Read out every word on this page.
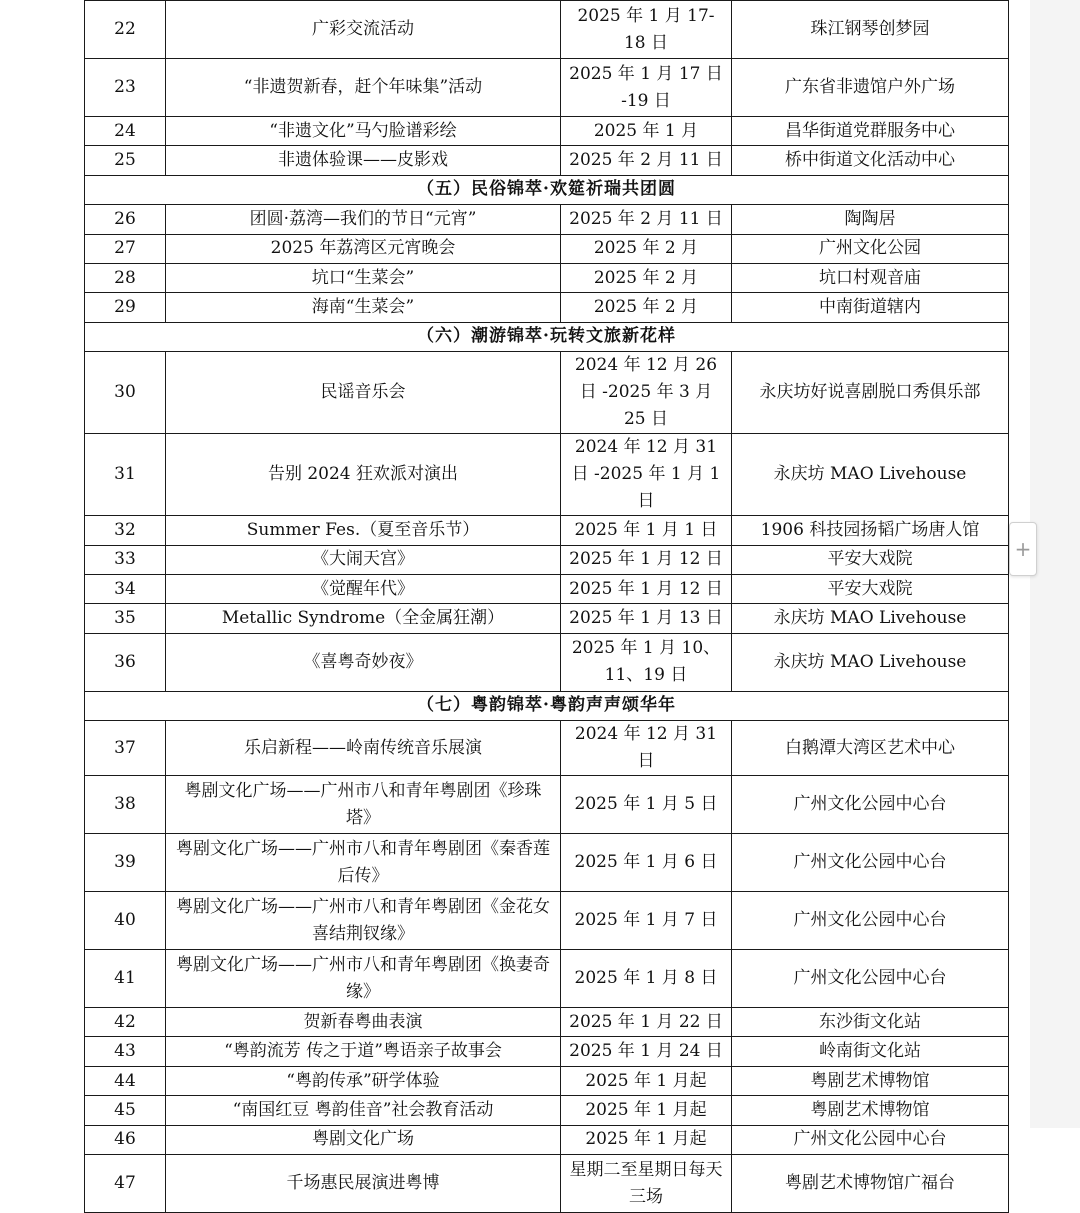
22	广彩交流活动	2025 年 1 月 17-18 日	珠江钢琴创梦园
23	“非遗贺新春，赶个年味集”活动	2025 年 1 月 17 日 -19 日	广东省非遗馆户外广场
24	“非遗文化”马勺脸谱彩绘	2025 年 1 月	昌华街道党群服务中心
25	非遗体验课——皮影戏	2025 年 2 月 11 日	桥中街道文化活动中心
（五）民俗锦萃·欢筵祈瑞共团圆			
26	团圆·荔湾—我们的节日“元宵”	2025 年 2 月 11 日	陶陶居
27	2025 年荔湾区元宵晚会	2025 年 2 月	广州文化公园
28	坑口“生菜会”	2025 年 2 月	坑口村观音庙
29	海南“生菜会”	2025 年 2 月	中南街道辖内
（六）潮游锦萃·玩转文旅新花样			
30	民谣音乐会	2024 年 12 月 26 日 -2025 年 3 月 25 日	永庆坊好说喜剧脱口秀俱乐部
31	告别 2024 狂欢派对演出	2024 年 12 月 31 日 -2025 年 1 月 1 日	永庆坊 MAO Livehouse
32	Summer Fes.（夏至音乐节）	2025 年 1 月 1 日	1906 科技园扬韬广场唐人馆
33	《大闹天宫》	2025 年 1 月 12 日	平安大戏院
34	《觉醒年代》	2025 年 1 月 12 日	平安大戏院
35	Metallic Syndrome（全金属狂潮）	2025 年 1 月 13 日	永庆坊 MAO Livehouse
36	《喜粤奇妙夜》	2025 年 1 月 10、11、19 日	永庆坊 MAO Livehouse
（七）粤韵锦萃·粤韵声声颂华年			
37	乐启新程——岭南传统音乐展演	2024 年 12 月 31 日	白鹅潭大湾区艺术中心
38	粤剧文化广场——广州市八和青年粤剧团《珍珠塔》	2025 年 1 月 5 日	广州文化公园中心台
39	粤剧文化广场——广州市八和青年粤剧团《秦香莲后传》	2025 年 1 月 6 日	广州文化公园中心台
40	粤剧文化广场——广州市八和青年粤剧团《金花女喜结荆钗缘》	2025 年 1 月 7 日	广州文化公园中心台
41	粤剧文化广场——广州市八和青年粤剧团《换妻奇缘》	2025 年 1 月 8 日	广州文化公园中心台
42	贺新春粤曲表演	2025 年 1 月 22 日	东沙街文化站
43	“粤韵流芳 传之于道”粤语亲子故事会	2025 年 1 月 24 日	岭南街文化站
44	“粤韵传承”研学体验	2025 年 1 月起	粤剧艺术博物馆
45	“南国红豆 粤韵佳音”社会教育活动	2025 年 1 月起	粤剧艺术博物馆
46	粤剧文化广场	2025 年 1 月起	广州文化公园中心台
47	千场惠民展演进粤博	星期二至星期日每天三场	粤剧艺术博物馆广福台
+
